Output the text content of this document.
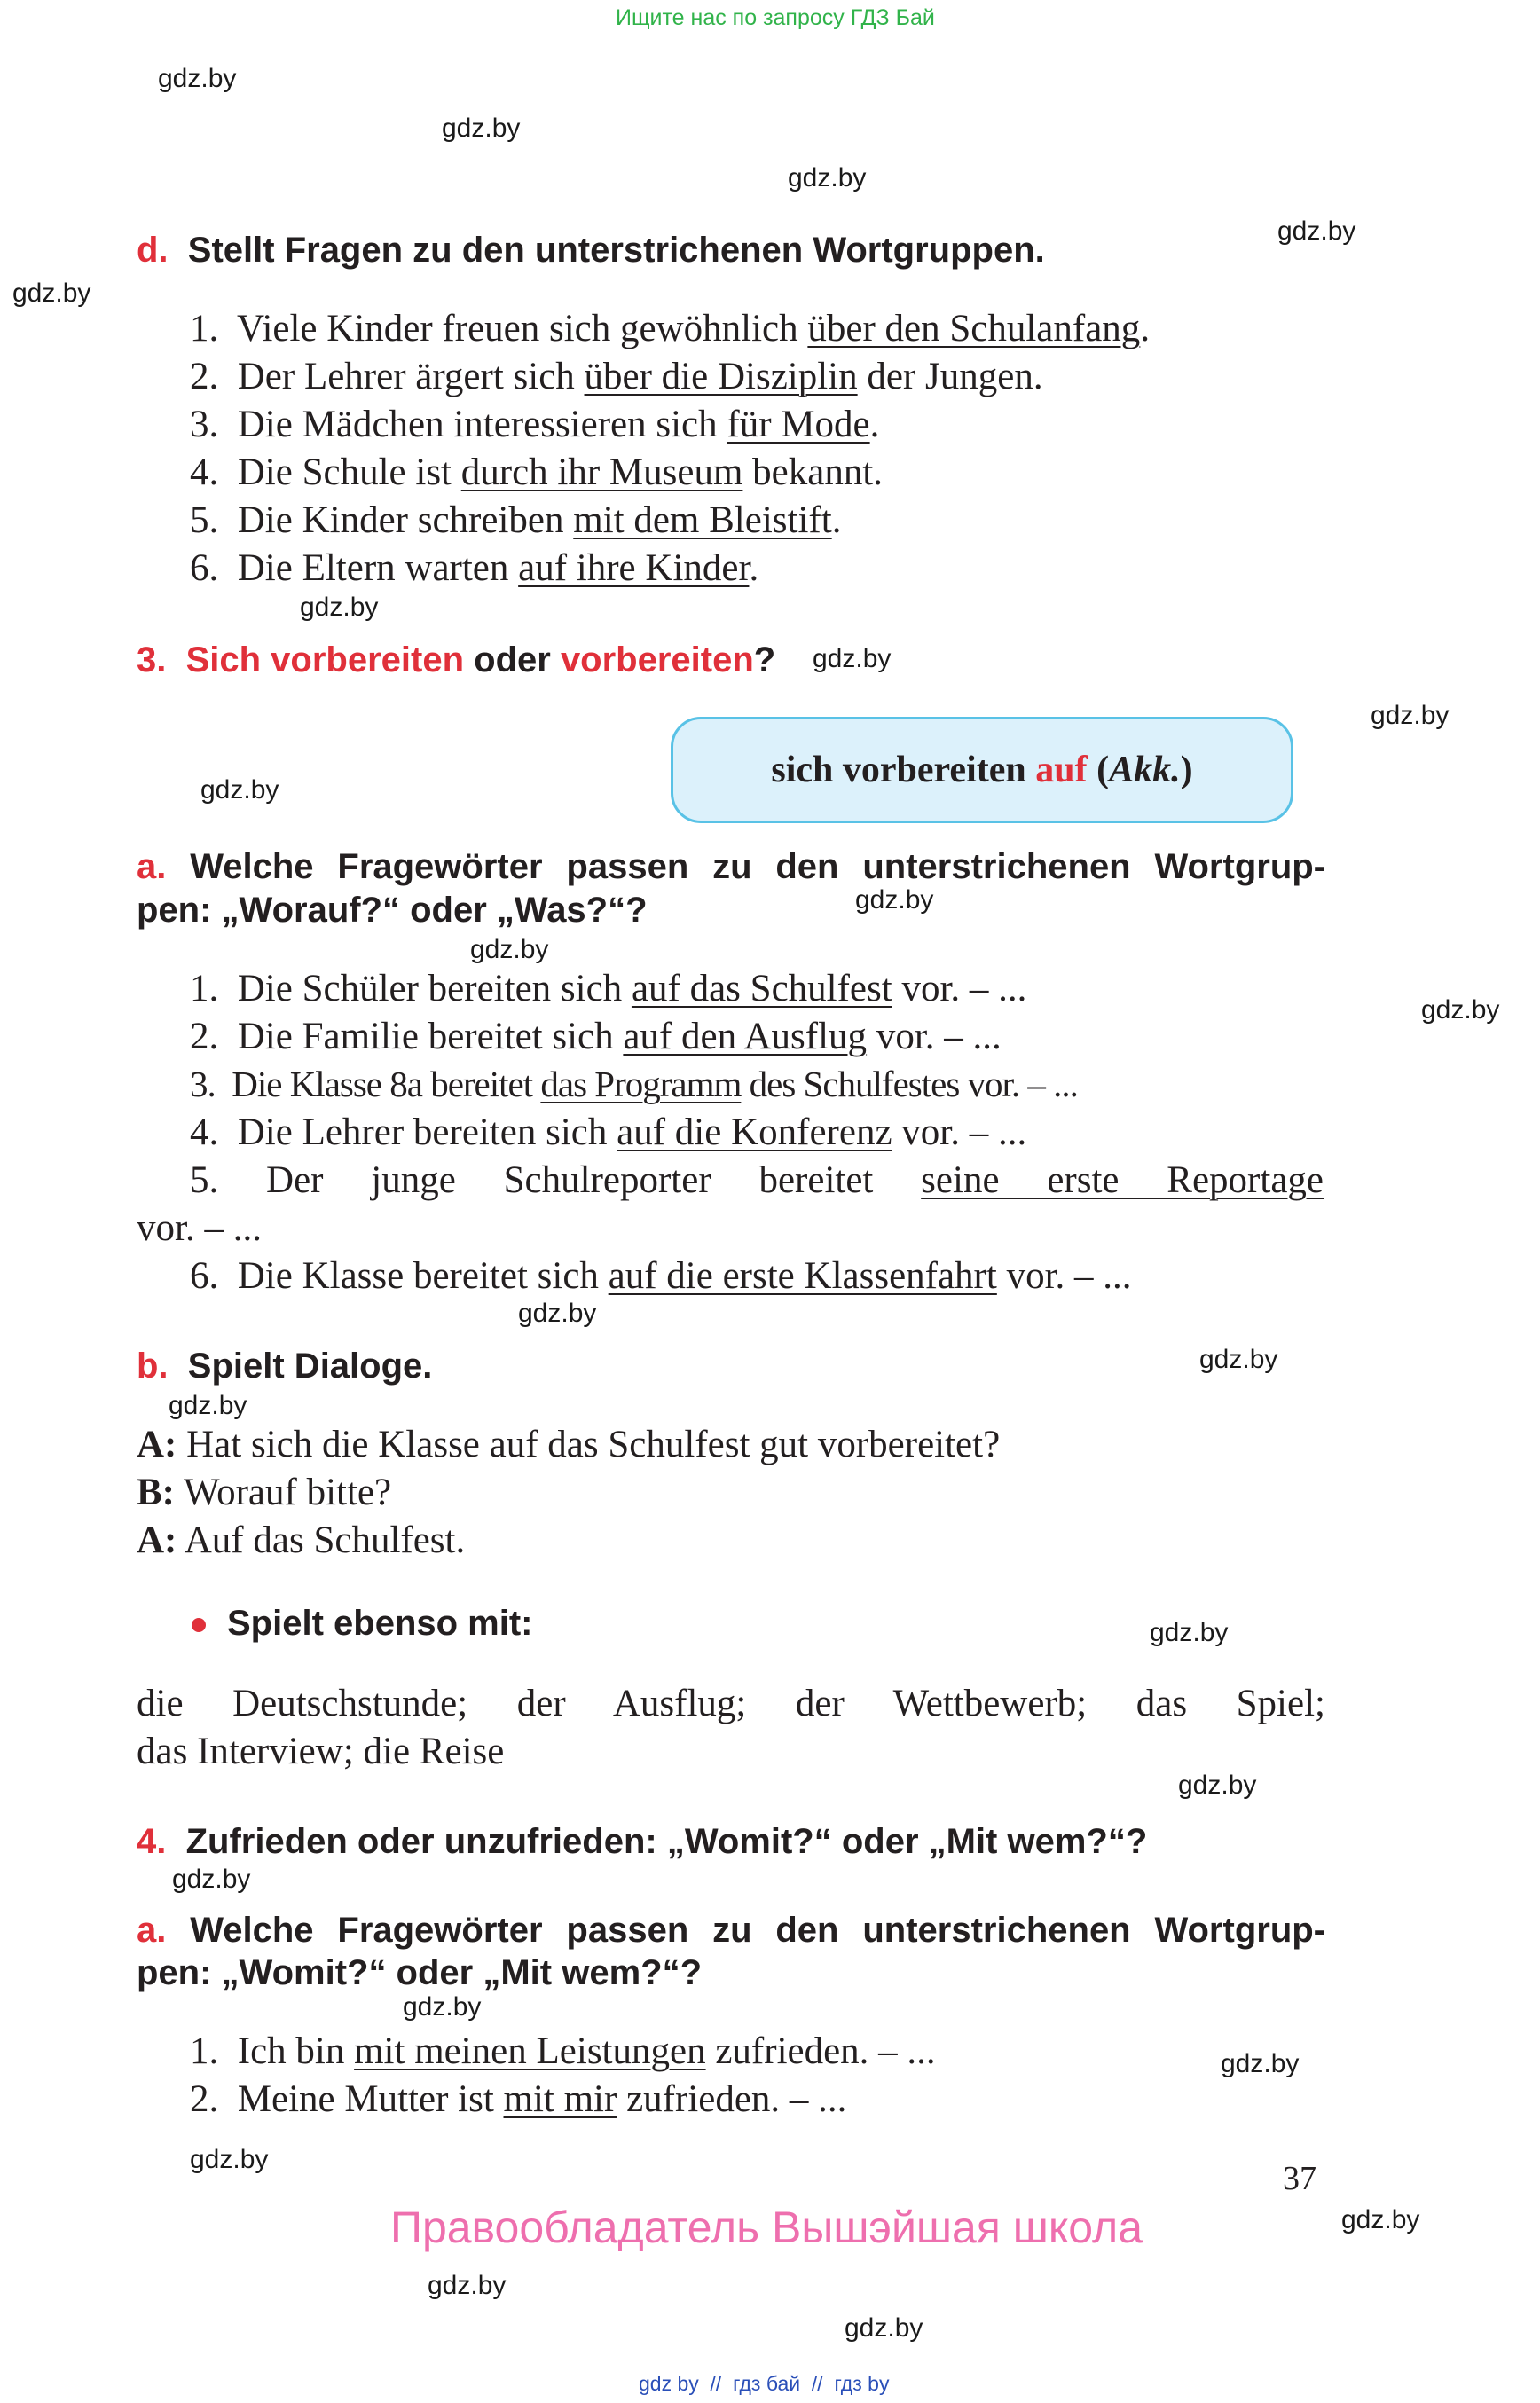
Ищите нас по запросу ГДЗ Бай
gdz.by
gdz.by
gdz.by
gdz.by
gdz.by
gdz.by
gdz.by
gdz.by
gdz.by
gdz.by
gdz.by
gdz.by
gdz.by
gdz.by
gdz.by
gdz.by
gdz.by
gdz.by
gdz.by
gdz.by
gdz.by
gdz.by
gdz.by
gdz.by
d. Stellt Fragen zu den unterstrichenen Wortgruppen.
1. Viele Kinder freuen sich gewöhnlich über den Schulanfang.
2. Der Lehrer ärgert sich über die Disziplin der Jungen.
3. Die Mädchen interessieren sich für Mode.
4. Die Schule ist durch ihr Museum bekannt.
5. Die Kinder schreiben mit dem Bleistift.
6. Die Eltern warten auf ihre Kinder.
3. Sich vorbereiten oder vorbereiten?
sich vorbereiten auf ( Akk. )
a. Welche Fragewörter passen zu den unterstrichenen Wortgrup-
pen: „Worauf?“ oder „Was?“?
1. Die Schüler bereiten sich auf das Schulfest vor. – ...
2. Die Familie bereitet sich auf den Ausflug vor. – ...
3. Die Klasse 8a bereitet das Programm des Schulfestes vor. – ...
4. Die Lehrer bereiten sich auf die Konferenz vor. – ...
5. Der junge Schulreporter bereitet seine erste Reportage
vor. – ...
6. Die Klasse bereitet sich auf die erste Klassenfahrt vor. – ...
b. Spielt Dialoge.
A: Hat sich die Klasse auf das Schulfest gut vorbereitet?
B: Worauf bitte?
A: Auf das Schulfest.
Spielt ebenso mit:
die Deutschstunde; der Ausflug; der Wettbewerb; das Spiel;
das Interview; die Reise
4. Zufrieden oder unzufrieden: „Womit?“ oder „Mit wem?“?
a. Welche Fragewörter passen zu den unterstrichenen Wortgrup-
pen: „Womit?“ oder „Mit wem?“?
1. Ich bin mit meinen Leistungen zufrieden. – ...
2. Meine Mutter ist mit mir zufrieden. – ...
37
Правообладатель Вышэйшая школа
gdz by  //  гдз бай  //  гдз by
